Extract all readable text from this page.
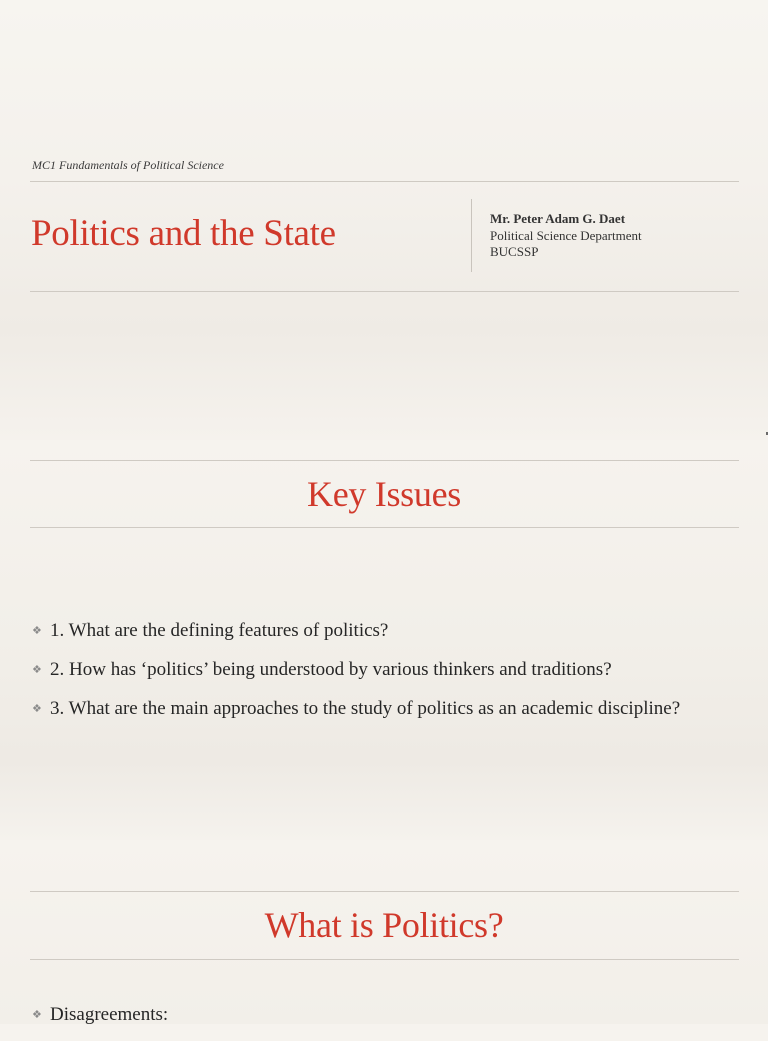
MC1 Fundamentals of Political Science
Politics and the State	Mr. Peter Adam G. Daet
Political Science Department
BUCSSP
Key Issues
❖ 1. What are the defining features of politics?
❖ 2. How has ‘politics’ being understood by various thinkers and traditions?
❖ 3. What are the main approaches to the study of politics as an academic discipline?
What is Politics?
❖ Disagreements:
